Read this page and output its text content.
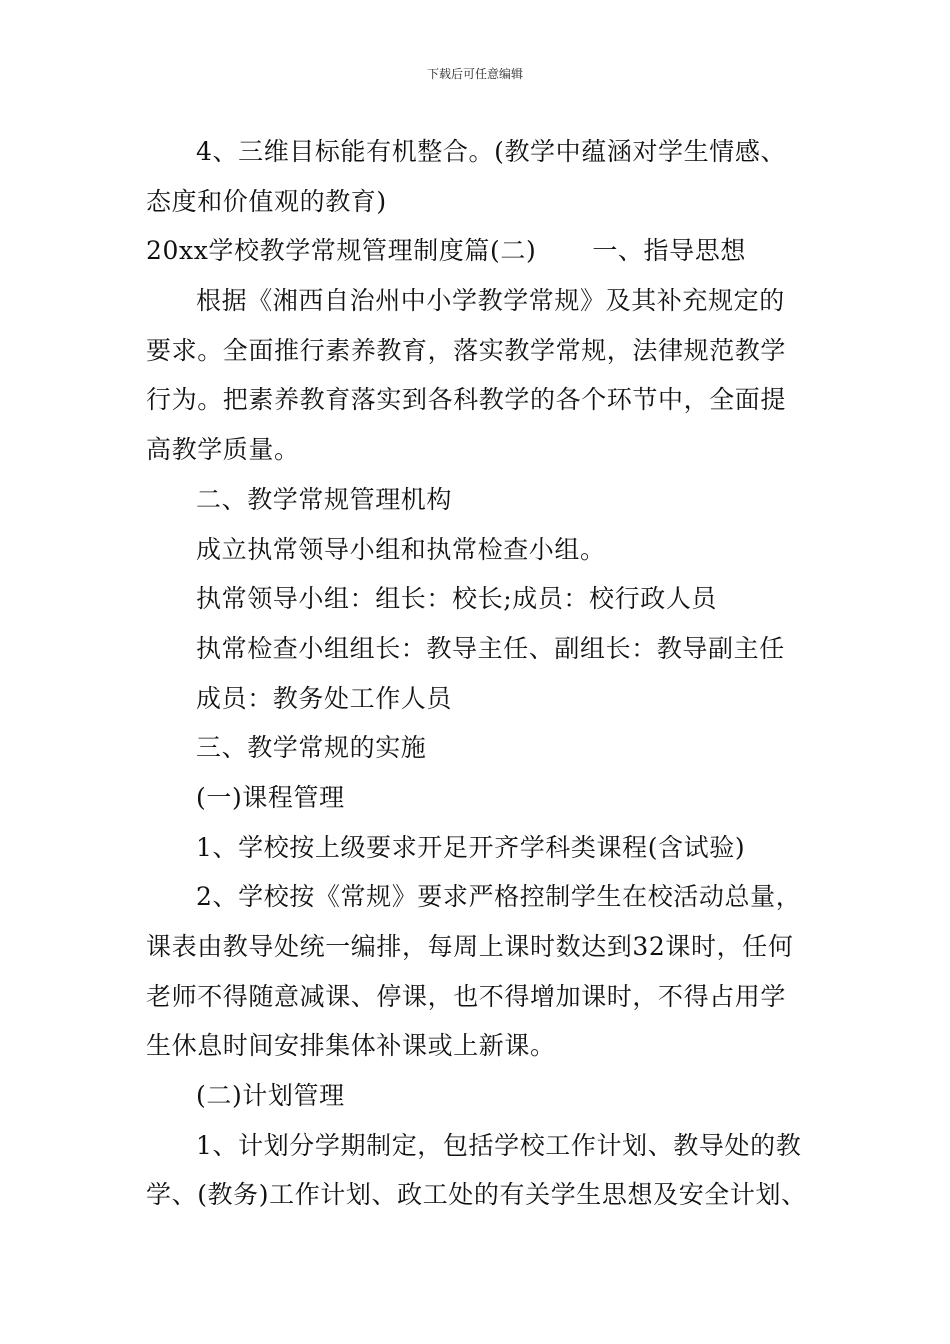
下载后可任意编辑
4、三维目标能有机整合。(教学中蕴涵对学生情感、
态度和价值观的教育)
20xx学校教学常规管理制度篇(二) 一、指导思想
根据《湘西自治州中小学教学常规》及其补充规定的
要求。全面推行素养教育，落实教学常规，法律规范教学
行为。把素养教育落实到各科教学的各个环节中，全面提
高教学质量。
二、教学常规管理机构
成立执常领导小组和执常检查小组。
执常领导小组：组长：校长;成员：校行政人员
执常检查小组组长：教导主任、副组长：教导副主任
成员：教务处工作人员
三、教学常规的实施
(一)课程管理
1、学校按上级要求开足开齐学科类课程(含试验)
2、学校按《常规》要求严格控制学生在校活动总量，
课表由教导处统一编排，每周上课时数达到32课时，任何
老师不得随意减课、停课，也不得增加课时，不得占用学
生休息时间安排集体补课或上新课。
(二)计划管理
1、计划分学期制定，包括学校工作计划、教导处的教
学、(教务)工作计划、政工处的有关学生思想及安全计划、
